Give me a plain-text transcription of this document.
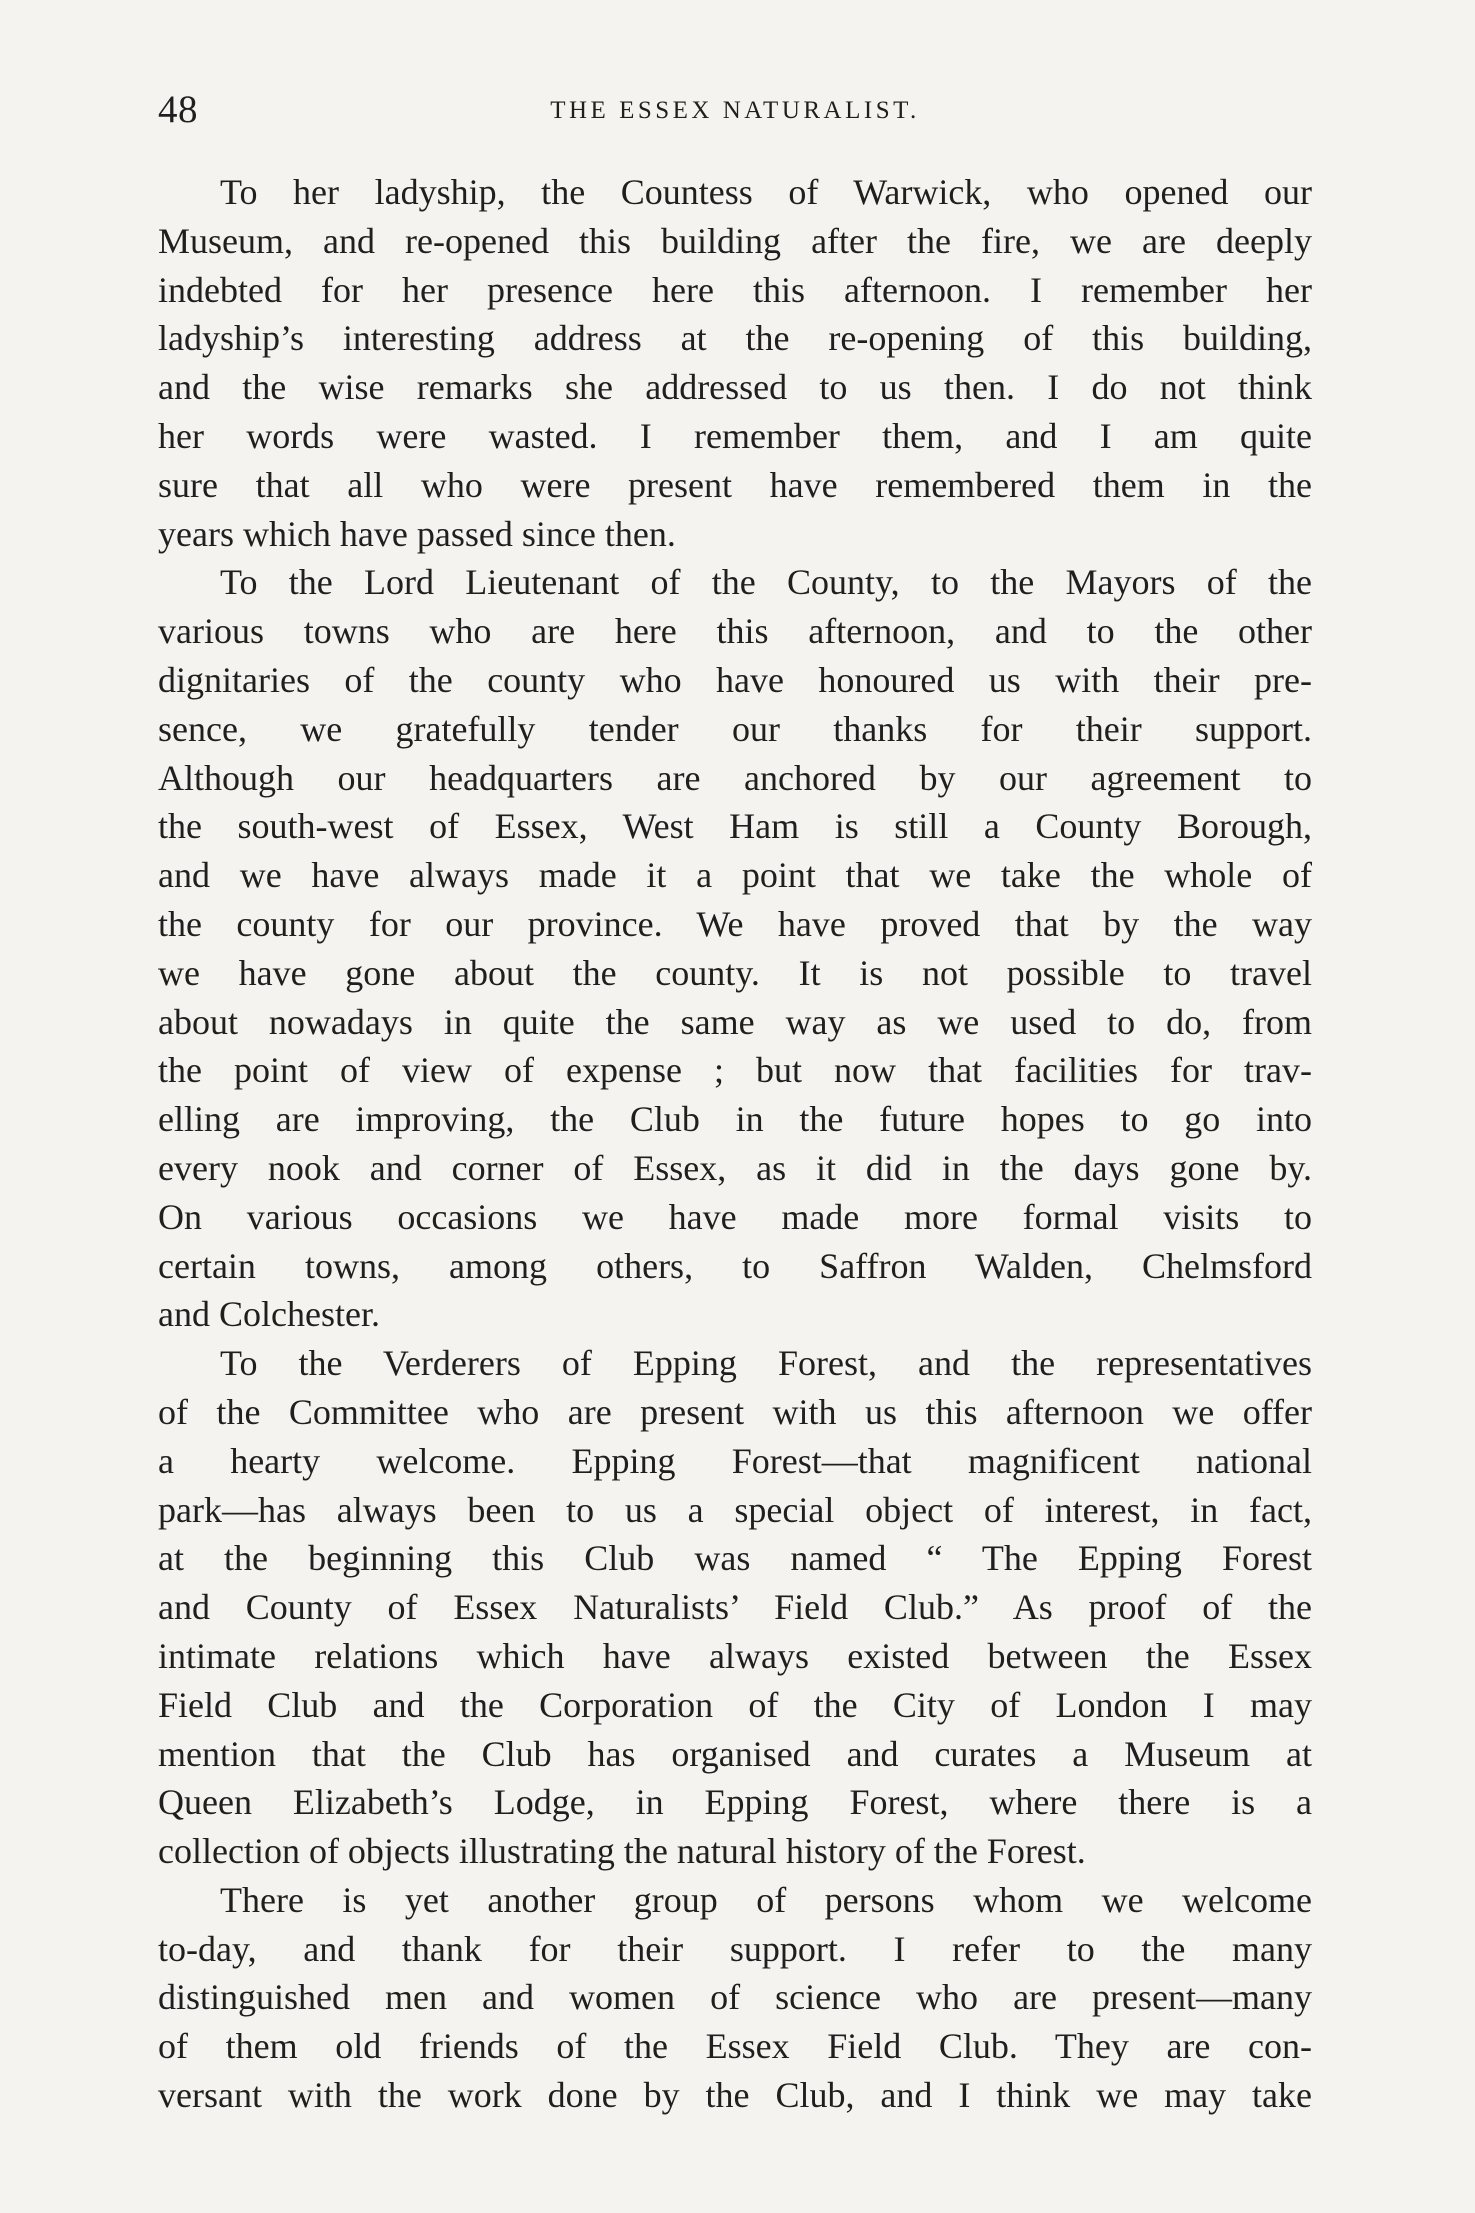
48	THE ESSEX NATURALIST.
To her ladyship, the Countess of Warwick, who opened our
Museum, and re-opened this building after the fire, we are deeply
indebted for her presence here this afternoon. I remember her
ladyship’s interesting address at the re-opening of this building,
and the wise remarks she addressed to us then. I do not think
her words were wasted. I remember them, and I am quite
sure that all who were present have remembered them in the
years which have passed since then.
To the Lord Lieutenant of the County, to the Mayors of the
various towns who are here this afternoon, and to the other
dignitaries of the county who have honoured us with their pre-
sence, we gratefully tender our thanks for their support.
Although our headquarters are anchored by our agreement to
the south-west of Essex, West Ham is still a County Borough,
and we have always made it a point that we take the whole of
the county for our province. We have proved that by the way
we have gone about the county. It is not possible to travel
about nowadays in quite the same way as we used to do, from
the point of view of expense ; but now that facilities for trav-
elling are improving, the Club in the future hopes to go into
every nook and corner of Essex, as it did in the days gone by.
On various occasions we have made more formal visits to
certain towns, among others, to Saffron Walden, Chelmsford
and Colchester.
To the Verderers of Epping Forest, and the representatives
of the Committee who are present with us this afternoon we offer
a hearty welcome. Epping Forest—that magnificent national
park—has always been to us a special object of interest, in fact,
at the beginning this Club was named “ The Epping Forest
and County of Essex Naturalists’ Field Club.” As proof of the
intimate relations which have always existed between the Essex
Field Club and the Corporation of the City of London I may
mention that the Club has organised and curates a Museum at
Queen Elizabeth’s Lodge, in Epping Forest, where there is a
collection of objects illustrating the natural history of the Forest.
There is yet another group of persons whom we welcome
to-day, and thank for their support. I refer to the many
distinguished men and women of science who are present—many
of them old friends of the Essex Field Club. They are con-
versant with the work done by the Club, and I think we may take
